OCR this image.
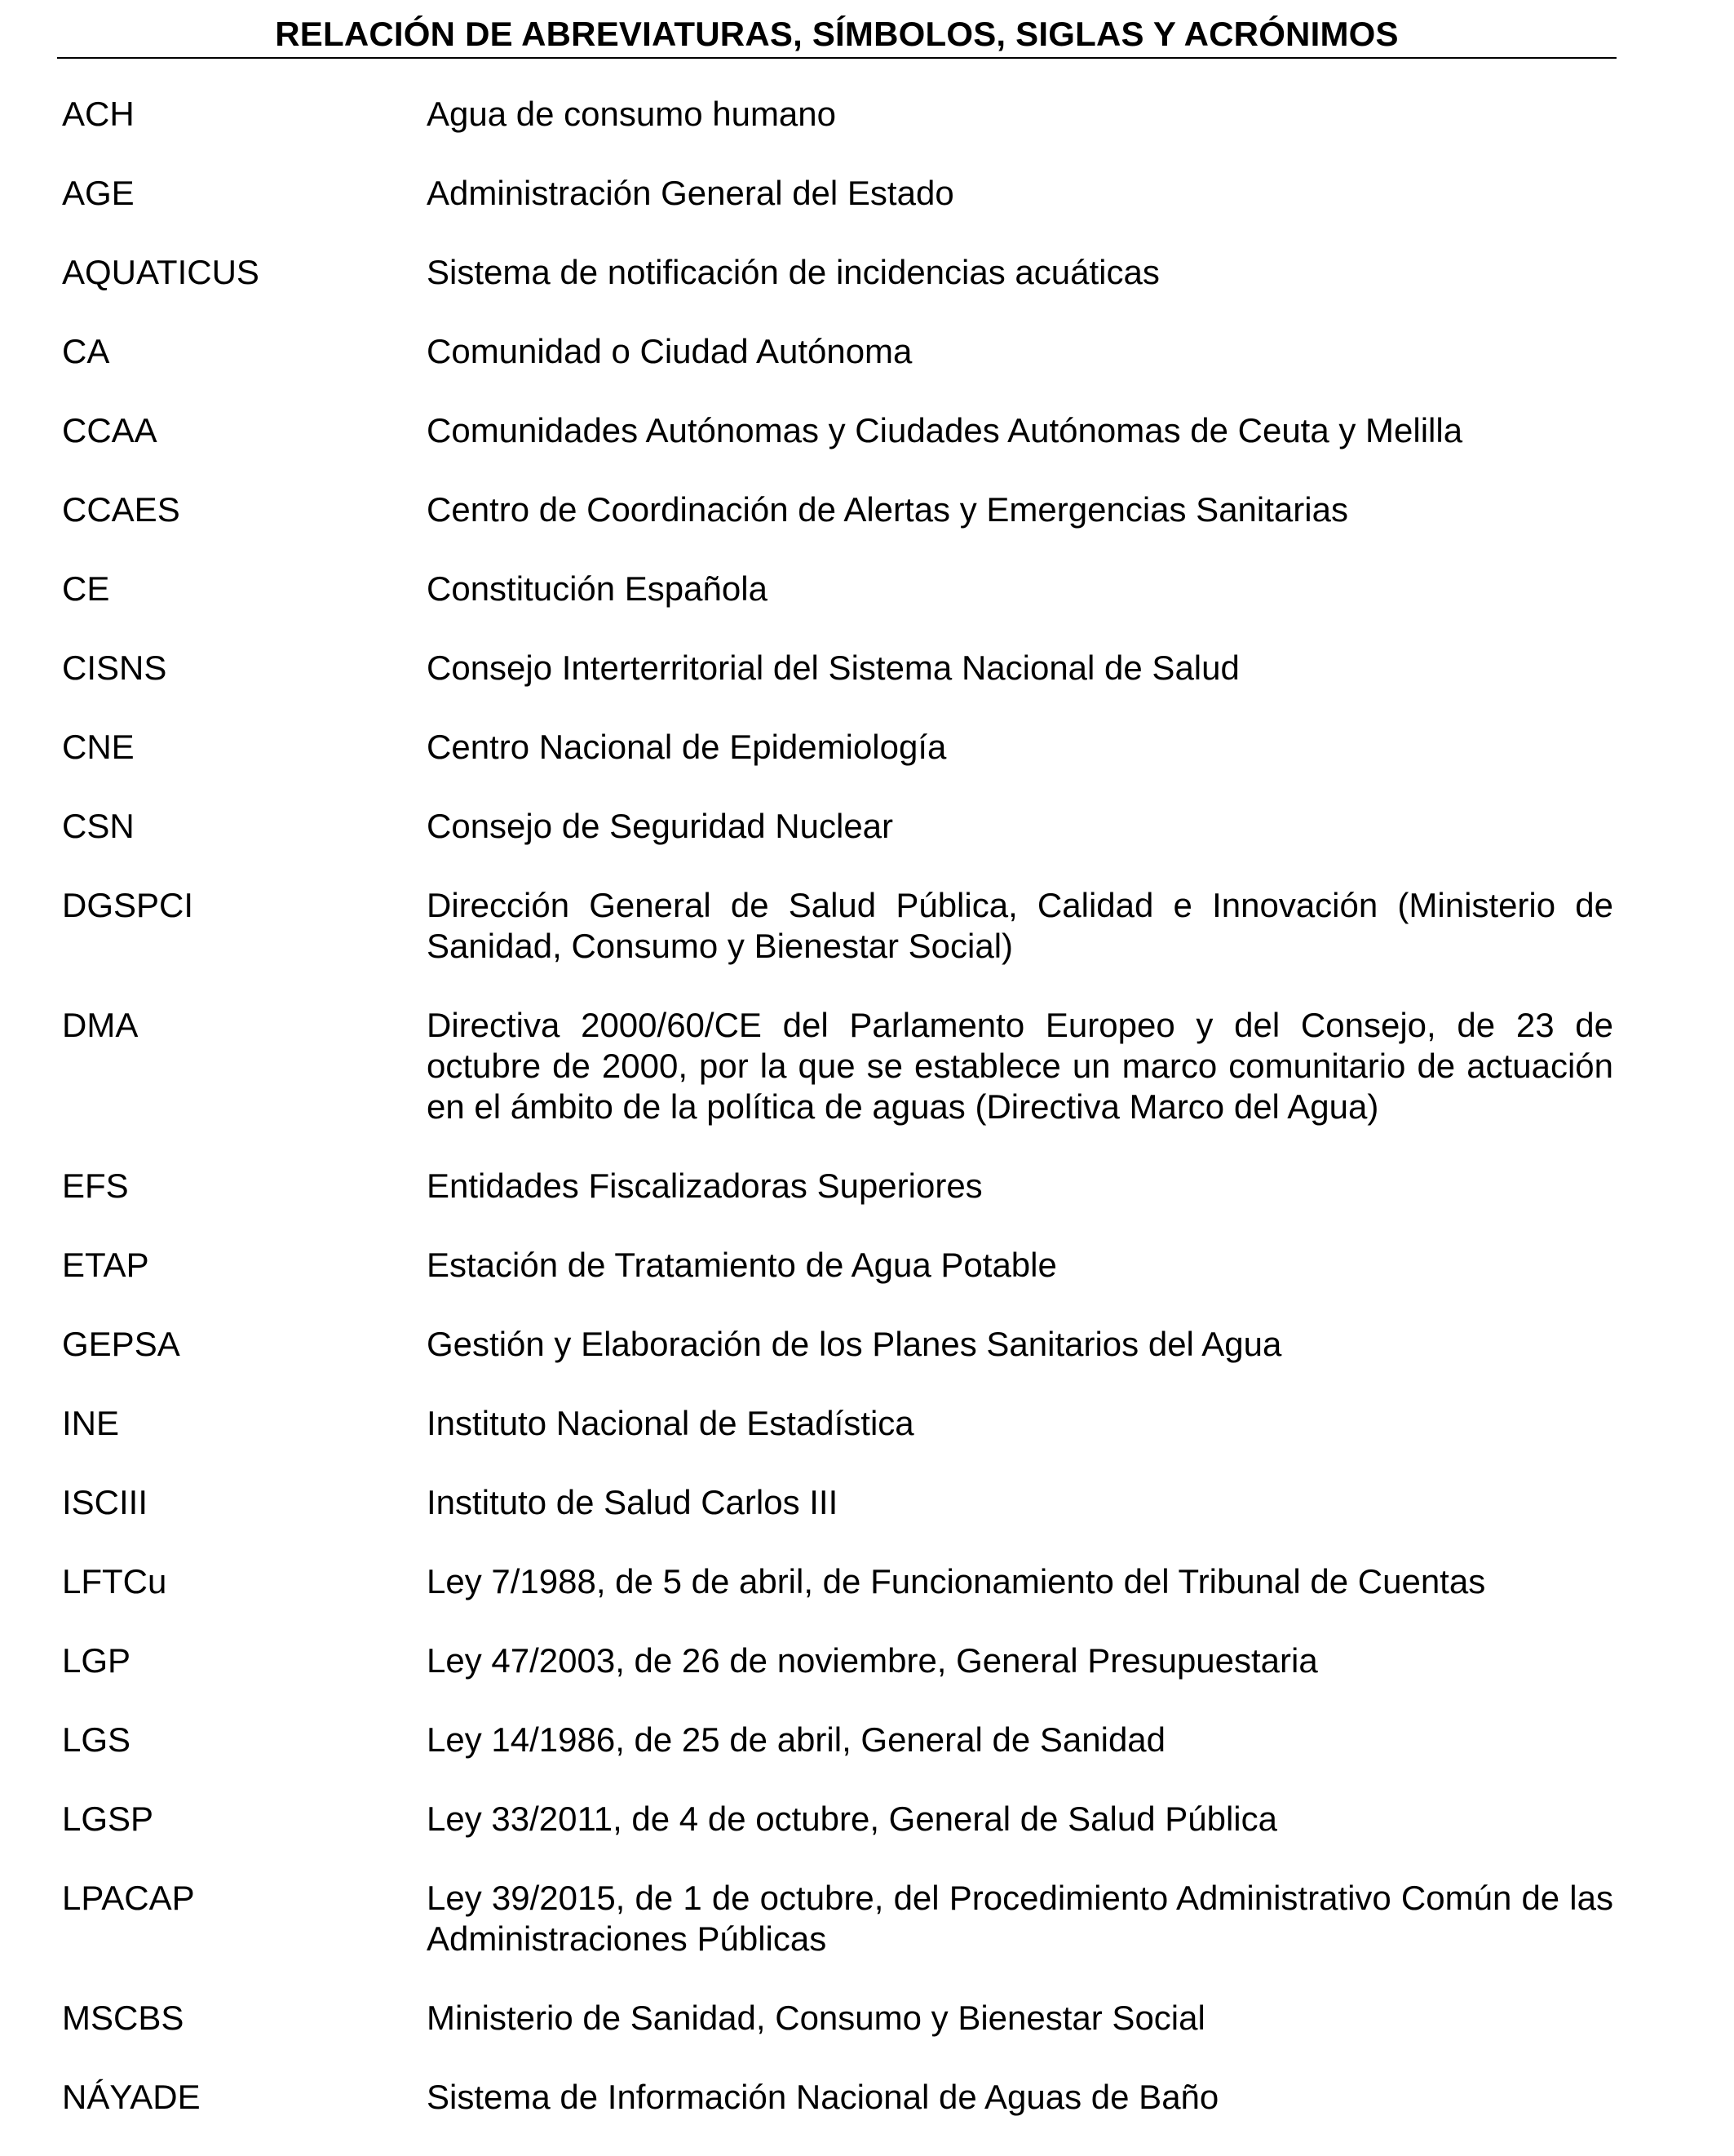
RELACIÓN DE ABREVIATURAS, SÍMBOLOS, SIGLAS Y ACRÓNIMOS
ACH	Agua de consumo humano
AGE	Administración General del Estado
AQUATICUS	Sistema de notificación de incidencias acuáticas
CA	Comunidad o Ciudad Autónoma
CCAA	Comunidades Autónomas y Ciudades Autónomas de Ceuta y Melilla
CCAES	Centro de Coordinación de Alertas y Emergencias Sanitarias
CE	Constitución Española
CISNS	Consejo Interterritorial del Sistema Nacional de Salud
CNE	Centro Nacional de Epidemiología
CSN	Consejo de Seguridad Nuclear
DGSPCI	Dirección General de Salud Pública, Calidad e Innovación (Ministerio de Sanidad, Consumo y Bienestar Social)
DMA	Directiva 2000/60/CE del Parlamento Europeo y del Consejo, de 23 de octubre de 2000, por la que se establece un marco comunitario de actuación en el ámbito de la política de aguas (Directiva Marco del Agua)
EFS	Entidades Fiscalizadoras Superiores
ETAP	Estación de Tratamiento de Agua Potable
GEPSA	Gestión y Elaboración de los Planes Sanitarios del Agua
INE	Instituto Nacional de Estadística
ISCIII	Instituto de Salud Carlos III
LFTCu	Ley 7/1988, de 5 de abril, de Funcionamiento del Tribunal de Cuentas
LGP	Ley 47/2003, de 26 de noviembre, General Presupuestaria
LGS	Ley 14/1986, de 25 de abril, General de Sanidad
LGSP	Ley 33/2011, de 4 de octubre, General de Salud Pública
LPACAP	Ley 39/2015, de 1 de octubre, del Procedimiento Administrativo Común de las Administraciones Públicas
MSCBS	Ministerio de Sanidad, Consumo y Bienestar Social
NÁYADE	Sistema de Información Nacional de Aguas de Baño
